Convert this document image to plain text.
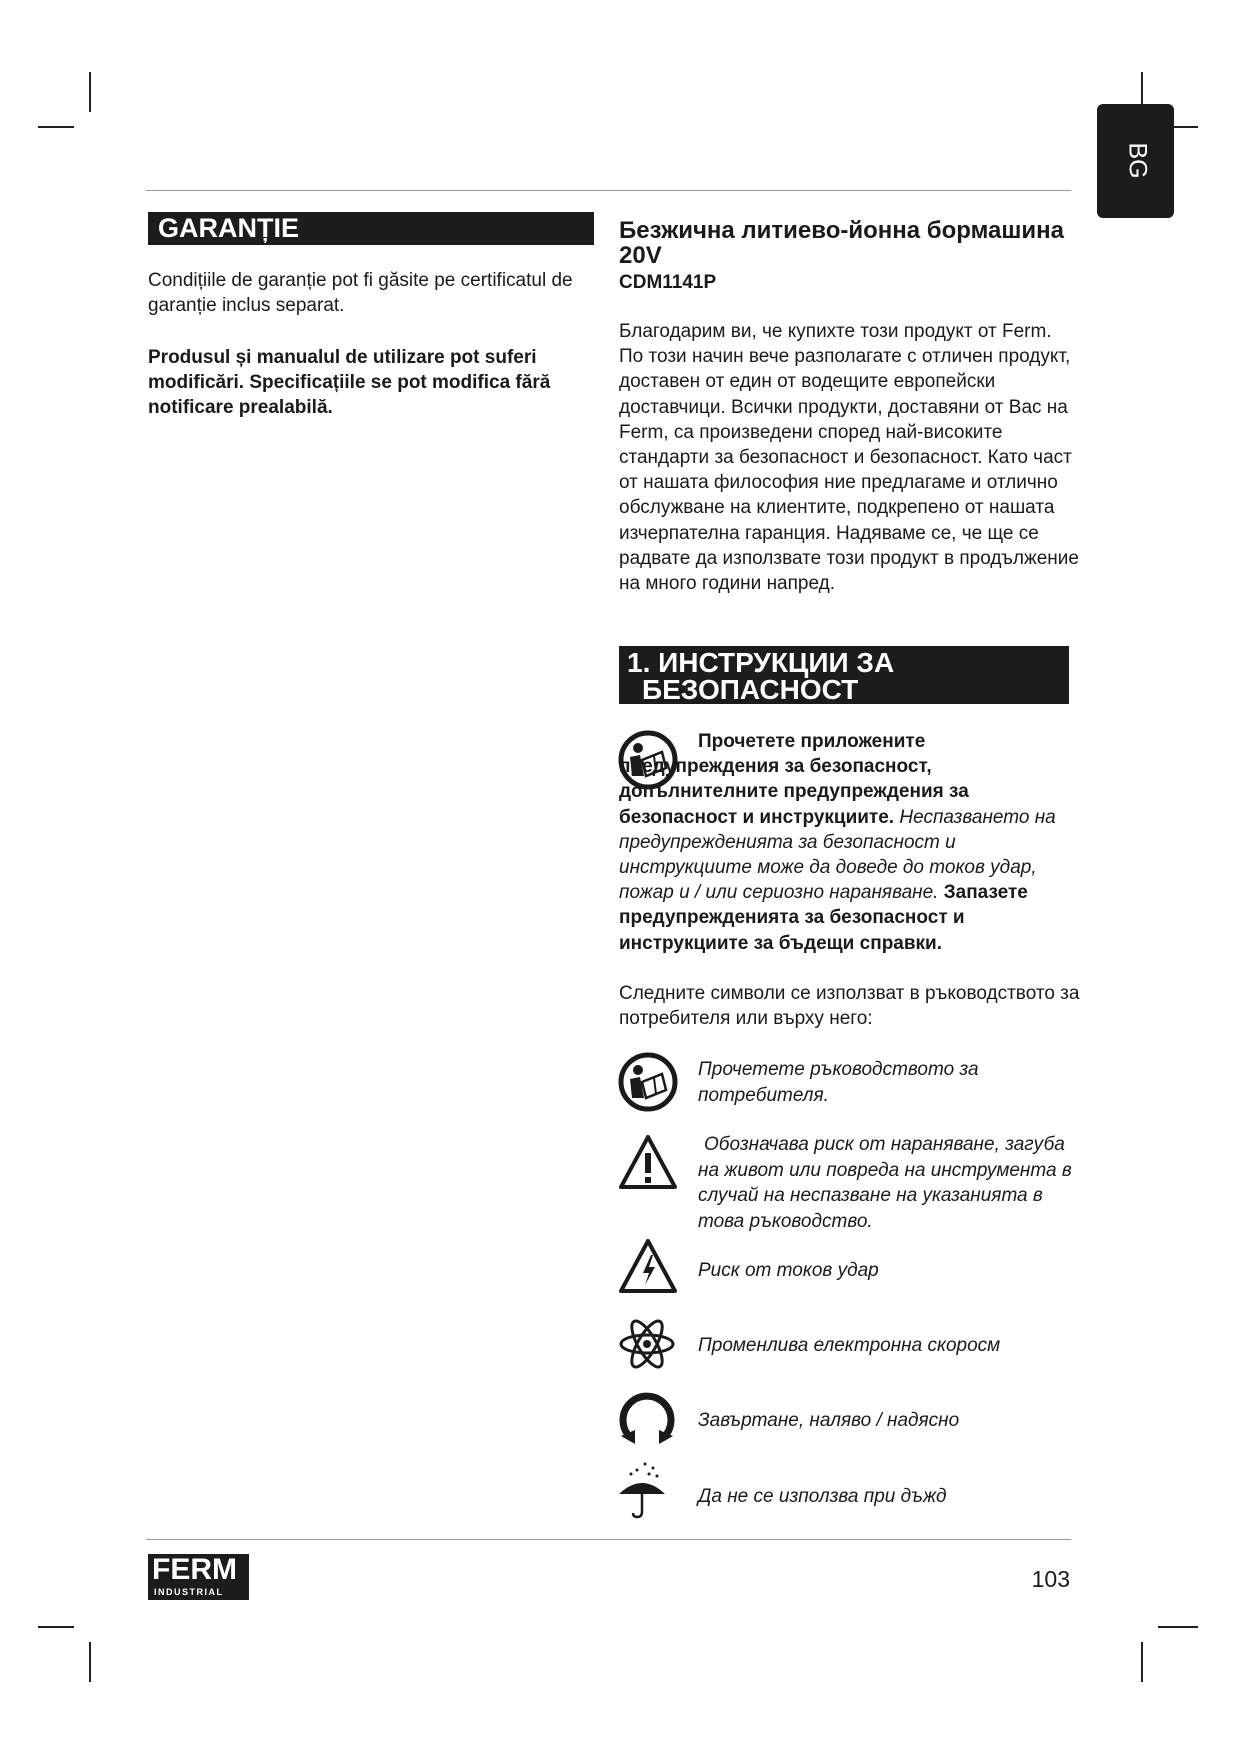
BG
GARANȚIE
Condițiile de garanție pot fi găsite pe certificatul de garanție inclus separat.
Produsul și manualul de utilizare pot suferi modificări. Specificațiile se pot modifica fără notificare prealabilă.
Безжична литиево-йонна бормашина 20V
CDM1141P
Благодарим ви, че купихте този продукт от Ferm. По този начин вече разполагате с отличен продукт, доставен от един от водещите европейски доставчици. Всички продукти, доставяни от Вас на Ferm, са произведени според най-високите стандарти за безопасност и безопасност. Като част от нашата философия ние предлагаме и отлично обслужване на клиентите, подкрепено от нашата изчерпателна гаранция. Надяваме се, че ще се радвате да използвате този продукт в продължение на много години напред.
1. ИНСТРУКЦИИ ЗА
БЕЗОПАСНОСТ
Прочетете приложените предупреждения за безопасност, допълнителните предупреждения за безопасност и инструкциите. Неспазването на предупрежденията за безопасност и инструкциите може да доведе до токов удар, пожар и / или сериозно нараняване. Запазете предупрежденията за безопасност и инструкциите за бъдещи справки.
Следните символи се използват в ръководството за потребителя или върху него:
Прочетете ръководството за потребителя.
Обозначава риск от нараняване, загуба на живот или повреда на инструмента в случай на неспазване на указанията в това ръководство.
Риск от токов удар
Променлива електронна скоросм
Завъртане, наляво / надясно
Да не се използва при дъжд
FERM
INDUSTRIAL	103
